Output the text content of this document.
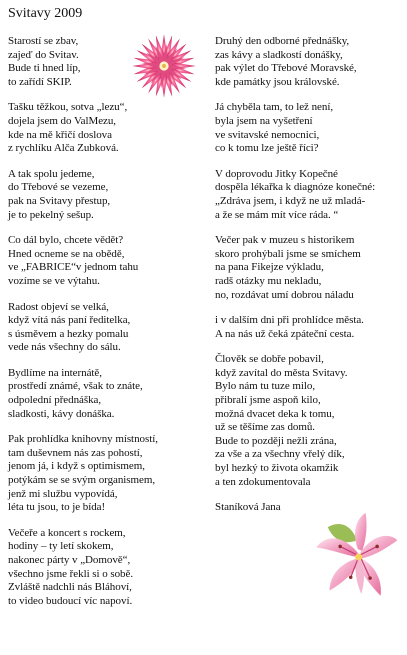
Svitavy 2009
Starostí se zbav,
zajeď do Svitav.
Bude ti hned líp,
to zařídí SKIP.
Tašku těžkou, sotva „lezu“,
dojela jsem do ValMezu,
kde na mě křičí doslova
z rychlíku Alča Zubková.
A tak spolu jedeme,
do Třebové se vezeme,
pak na Svitavy přestup,
je to pekelný sešup.
Co dál bylo, chcete vědět?
Hned ocneme se na obědě,
ve „FABRICE“v jednom tahu
vozíme se ve výtahu.
Radost objeví se velká,
když vítá nás paní ředitelka,
s úsměvem a hezky pomalu
vede nás všechny do sálu.
Bydlíme na internátě,
prostředí známé, však to znáte,
odpolední přednáška,
sladkosti, kávy donáška.
Pak prohlídka knihovny místností,
tam duševnem nás zas pohostí,
jenom já, i když s optimismem,
potýkám se se svým organismem,
jenž mi službu vypovídá,
léta tu jsou, to je bída!
Večeře a koncert s rockem,
hodiny – ty letí skokem,
nakonec párty v „Domově“,
všechno jsme řekli si o sobě.
Zvláště nadchli nás Bláhoví,
to video budoucí víc napoví.
Druhý den odborné přednášky,
zas kávy a sladkostí donášky,
pak výlet do Třebové Moravské,
kde památky jsou královské.
Já chyběla tam, to lež není,
byla jsem na vyšetření
ve svitavské nemocnici,
co k tomu lze ještě říci?
V doprovodu Jitky Kopečné
dospěla lékařka k diagnóze konečné:
„Zdráva jsem, i když ne už mladá-
a že se mám mít více ráda. “
Večer pak v muzeu s historikem
skoro prohýbali jsme se smíchem
na pana Fikejze výkladu,
radš otázky mu nekladu,
no, rozdávat umí dobrou náladu
i v dalším dni při prohlídce města.
A na nás už čeká zpáteční cesta.
Člověk se dobře pobavil,
když zavítal do města Svitavy.
Bylo nám tu tuze milo,
přibralí jsme aspoň kilo,
možná dvacet deka k tomu,
už se těšíme zas domů.
Bude to později nežli zrána,
za vše a za všechny vřelý dík,
byl hezký to života okamžik
a ten zdokumentovala
Staníková Jana
